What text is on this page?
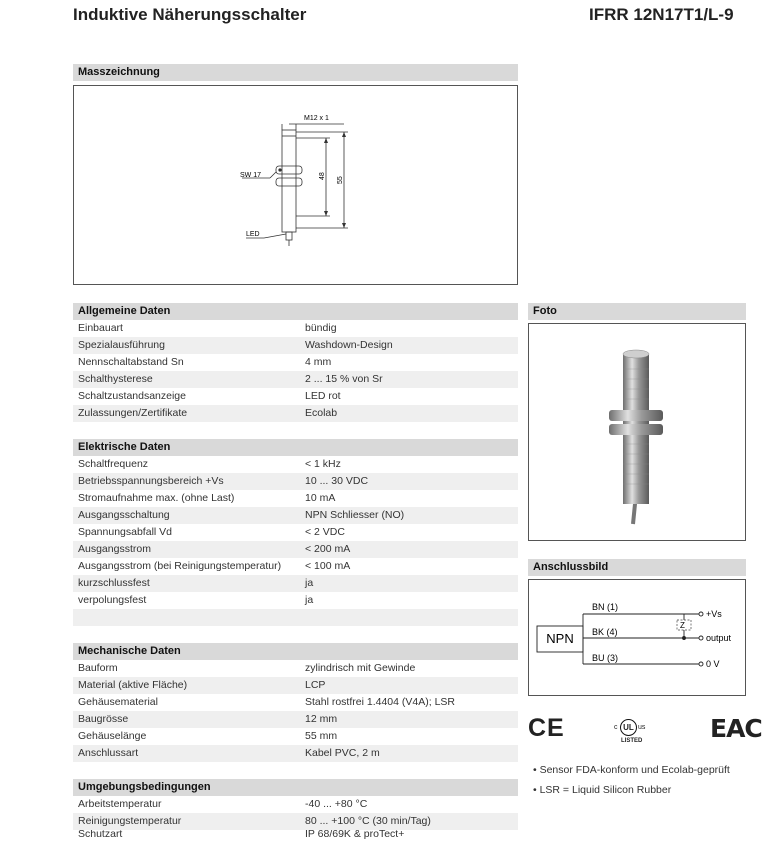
Induktive Näherungsschalter	IFRR 12N17T1/L-9
Masszeichnung
M12 x 1
SW 17
LED
48
55
Allgemeine Daten
Einbauart	bündig
Spezialausführung	Washdown-Design
Nennschaltabstand Sn	4 mm
Schalthysterese	2 ... 15 % von Sr
Schaltzustandsanzeige	LED rot
Zulassungen/Zertifikate	Ecolab
Elektrische Daten
Schaltfrequenz	< 1 kHz
Betriebsspannungsbereich +Vs	10 ... 30 VDC
Stromaufnahme max. (ohne Last)	10 mA
Ausgangsschaltung	NPN Schliesser (NO)
Spannungsabfall Vd	< 2 VDC
Ausgangsstrom	< 200 mA
Ausgangsstrom (bei Reinigungstemperatur) < 100 mA
kurzschlussfest	ja
verpolungsfest	ja
Mechanische Daten
Bauform	zylindrisch mit Gewinde
Material (aktive Fläche)	LCP
Gehäusematerial	Stahl rostfrei 1.4404 (V4A); LSR
Baugrösse	12 mm
Gehäuselänge	55 mm
Anschlussart	Kabel PVC, 2 m
Umgebungsbedingungen
Arbeitstemperatur	-40 ... +80 °C
Reinigungstemperatur	80 ... +100 °C (30 min/Tag)
Schutzart	IP 68/69K & proTect+
Foto
Anschlussbild
NPN
BN (1)
BK (4)
BU (3)
Z
+Vs
output
0 V
CE	c UL us
LISTED	EAC
• Sensor FDA-konform und Ecolab-geprüft
• LSR = Liquid Silicon Rubber
